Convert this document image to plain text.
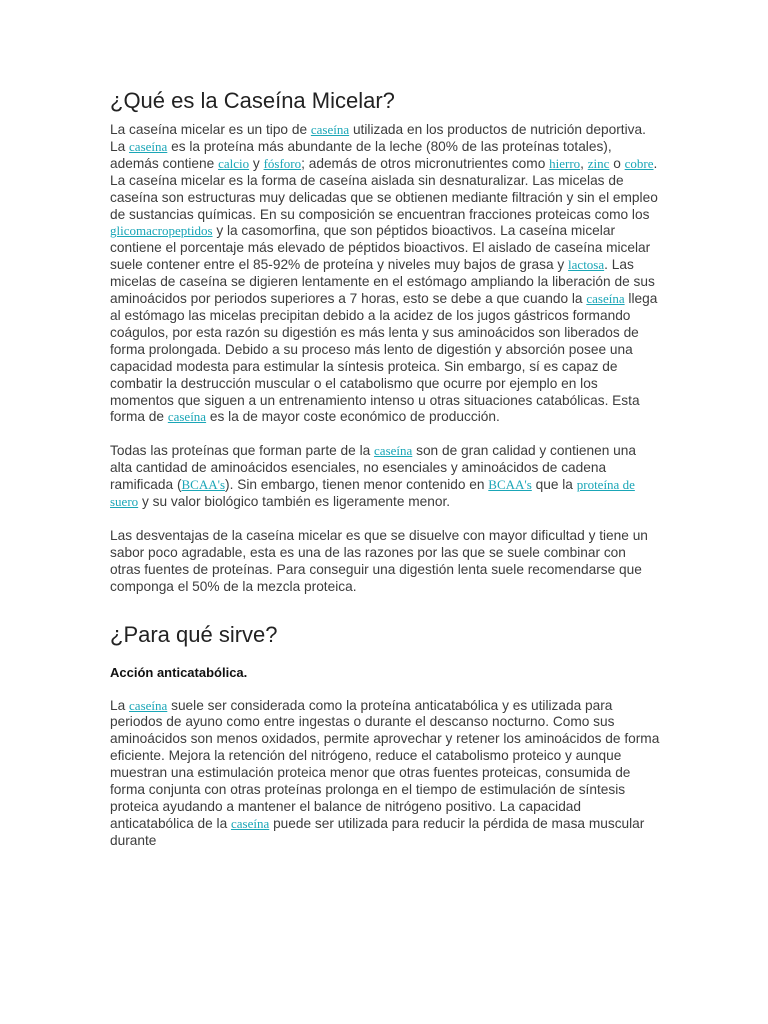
¿Qué es la Caseína Micelar?

La caseína micelar es un tipo de caseína utilizada en los productos de nutrición deportiva. La caseína es la proteína más abundante de la leche (80% de las proteínas totales), además contiene calcio y fósforo; además de otros micronutrientes como hierro, zinc o cobre. La caseína micelar es la forma de caseína aislada sin desnaturalizar. Las micelas de caseína son estructuras muy delicadas que se obtienen mediante filtración y sin el empleo de sustancias químicas. En su composición se encuentran fracciones proteicas como los glicomacropeptidos y la casomorfina, que son péptidos bioactivos. La caseína micelar contiene el porcentaje más elevado de péptidos bioactivos. El aislado de caseína micelar suele contener entre el 85-92% de proteína y niveles muy bajos de grasa y lactosa. Las micelas de caseína se digieren lentamente en el estómago ampliando la liberación de sus aminoácidos por periodos superiores a 7 horas, esto se debe a que cuando la caseína llega al estómago las micelas precipitan debido a la acidez de los jugos gástricos formando coágulos, por esta razón su digestión es más lenta y sus aminoácidos son liberados de forma prolongada. Debido a su proceso más lento de digestión y absorción posee una capacidad modesta para estimular la síntesis proteica. Sin embargo, sí es capaz de combatir la destrucción muscular o el catabolismo que ocurre por ejemplo en los momentos que siguen a un entrenamiento intenso u otras situaciones catabólicas. Esta forma de caseína es la de mayor coste económico de producción.

Todas las proteínas que forman parte de la caseína son de gran calidad y contienen una alta cantidad de aminoácidos esenciales, no esenciales y aminoácidos de cadena ramificada (BCAA's). Sin embargo, tienen menor contenido en BCAA's que la proteína de suero y su valor biológico también es ligeramente menor.

Las desventajas de la caseína micelar es que se disuelve con mayor dificultad y tiene un sabor poco agradable, esta es una de las razones por las que se suele combinar con otras fuentes de proteínas. Para conseguir una digestión lenta suele recomendarse que componga el 50% de la mezcla proteica.

¿Para qué sirve?
Acción anticatabólica.

La caseína suele ser considerada como la proteína anticatabólica y es utilizada para periodos de ayuno como entre ingestas o durante el descanso nocturno. Como sus aminoácidos son menos oxidados, permite aprovechar y retener los aminoácidos de forma eficiente. Mejora la retención del nitrógeno, reduce el catabolismo proteico y aunque muestran una estimulación proteica menor que otras fuentes proteicas, consumida de forma conjunta con otras proteínas prolonga en el tiempo de estimulación de síntesis proteica ayudando a mantener el balance de nitrógeno positivo. La capacidad anticatabólica de la caseína puede ser utilizada para reducir la pérdida de masa muscular durante
